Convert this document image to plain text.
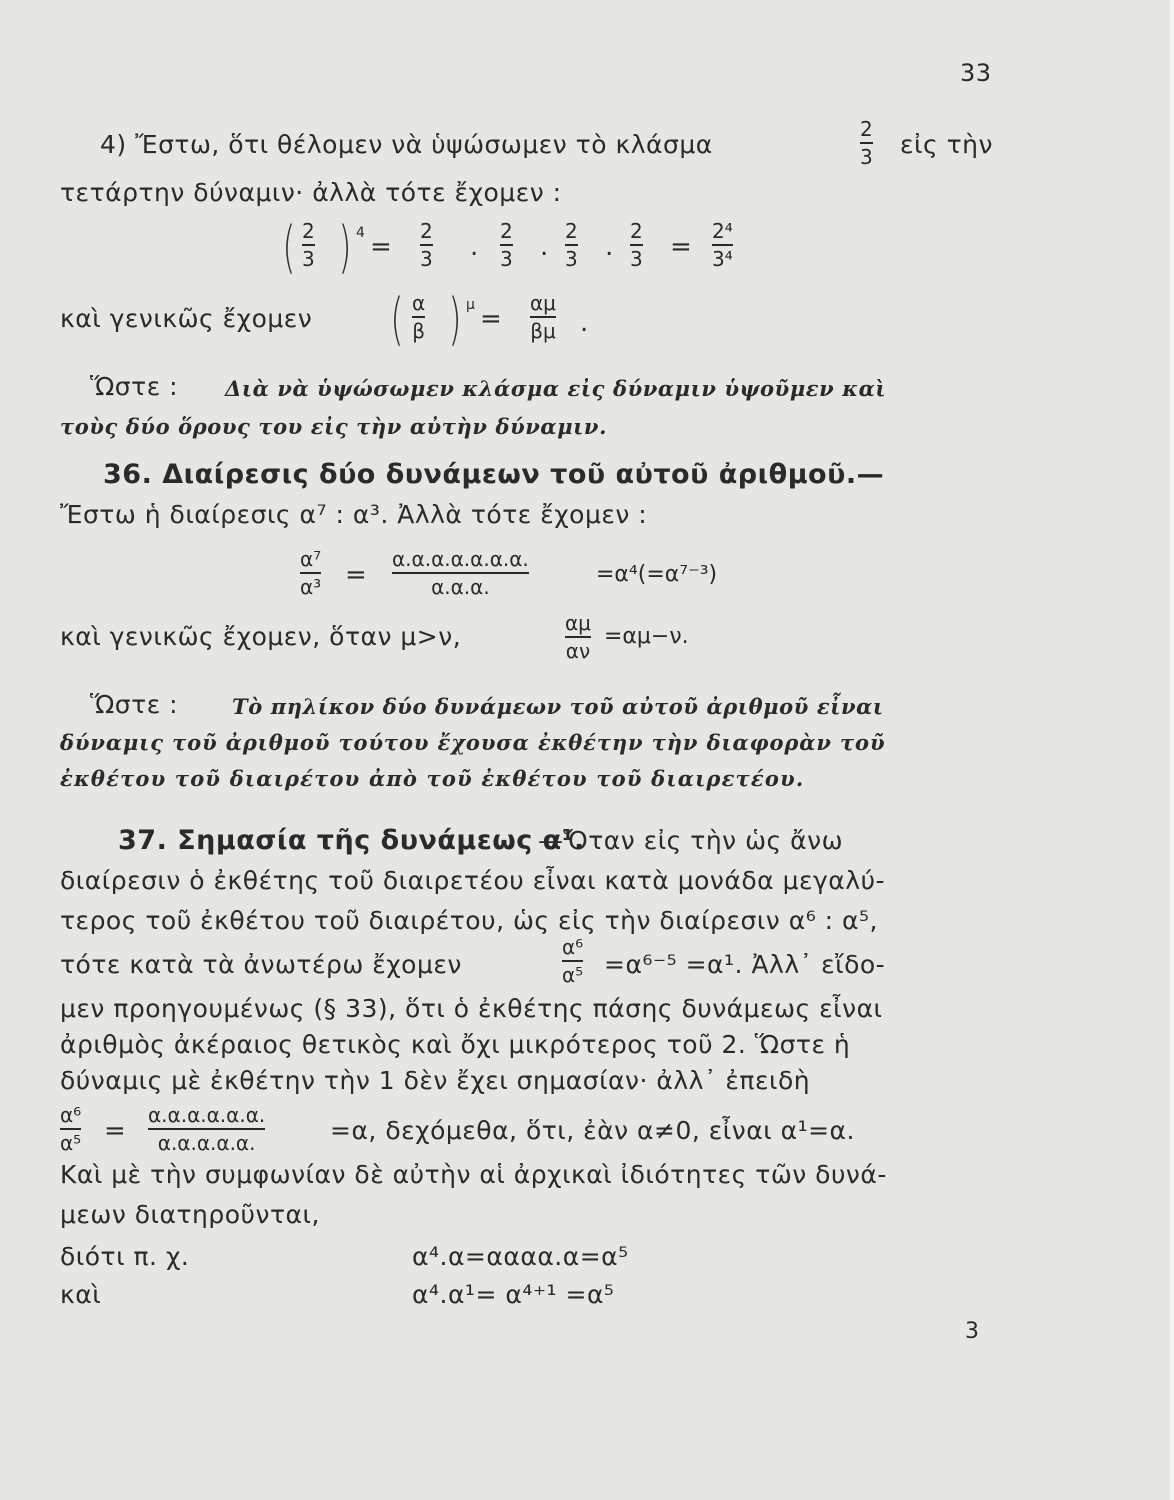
33
4) Ἔστω, ὅτι θέλομεν νὰ ὑψώσωμεν τὸ κλάσμα
2
3 εἰς τὴν
τετάρτην δύναμιν· ἀλλὰ τότε ἔχομεν :
( 2
3 ) 4 =
2
3 .
2
3 .
2
3 .
2
3 =
2⁴
3⁴
καὶ γενικῶς ἔχομεν ( α
β ) μ =
αμ
βμ .
Ὥστε : Διὰ νὰ ὑψώσωμεν κλάσμα εἰς δύναμιν ὑψοῦμεν καὶ
τοὺς δύο ὅρους του εἰς τὴν αὐτὴν δύναμιν.
36. Διαίρεσις δύο δυνάμεων τοῦ αὐτοῦ ἀριθμοῦ.—
Ἔστω ἡ διαίρεσις α⁷ : α³. Ἀλλὰ τότε ἔχομεν :
α⁷
α³ =
α.α.α.α.α.α.α.
α.α.α.	=α⁴(=α⁷⁻³)
καὶ γενικῶς ἔχομεν, ὅταν μ>ν,	αμ
αν
=αμ−ν.
Ὥστε :	Τὸ πηλίκον δύο δυνάμεων τοῦ αὐτοῦ ἀριθμοῦ εἶναι
δύναμις τοῦ ἀριθμοῦ τούτου ἔχουσα ἐκθέτην τὴν διαφορὰν τοῦ
ἐκθέτου τοῦ διαιρέτου ἀπὸ τοῦ ἐκθέτου τοῦ διαιρετέου.
37. Σημασία τῆς δυνάμεως α¹.
—Ὅταν εἰς τὴν ὡς ἄνω
διαίρεσιν ὁ ἐκθέτης τοῦ διαιρετέου εἶναι κατὰ μονάδα μεγαλύ-
τερος τοῦ ἐκθέτου τοῦ διαιρέτου, ὡς εἰς τὴν διαίρεσιν α⁶ : α⁵,
τότε κατὰ τὰ ἀνωτέρω ἔχομεν
α⁶
α⁵ =α⁶⁻⁵ =α¹. Ἀλλ᾽ εἴδο-
μεν προηγουμένως (§ 33), ὅτι ὁ ἐκθέτης πάσης δυνάμεως εἶναι
ἀριθμὸς ἀκέραιος θετικὸς καὶ ὄχι μικρότερος τοῦ 2. Ὥστε ἡ
δύναμις μὲ ἐκθέτην τὴν 1 δὲν ἔχει σημασίαν· ἀλλ᾽ ἐπειδὴ
α⁶
α⁵ =
α.α.α.α.α.α.
α.α.α.α.α.	=α, δεχόμεθα, ὅτι, ἐὰν α≠0, εἶναι α¹=α.
Καὶ μὲ τὴν συμφωνίαν δὲ αὐτὴν αἱ ἀρχικαὶ ἰδιότητες τῶν δυνά-
μεων διατηροῦνται,
διότι π. χ.	α⁴.α=αααα.α=α⁵
καὶ	α⁴.α¹= α⁴⁺¹ =α⁵
3
